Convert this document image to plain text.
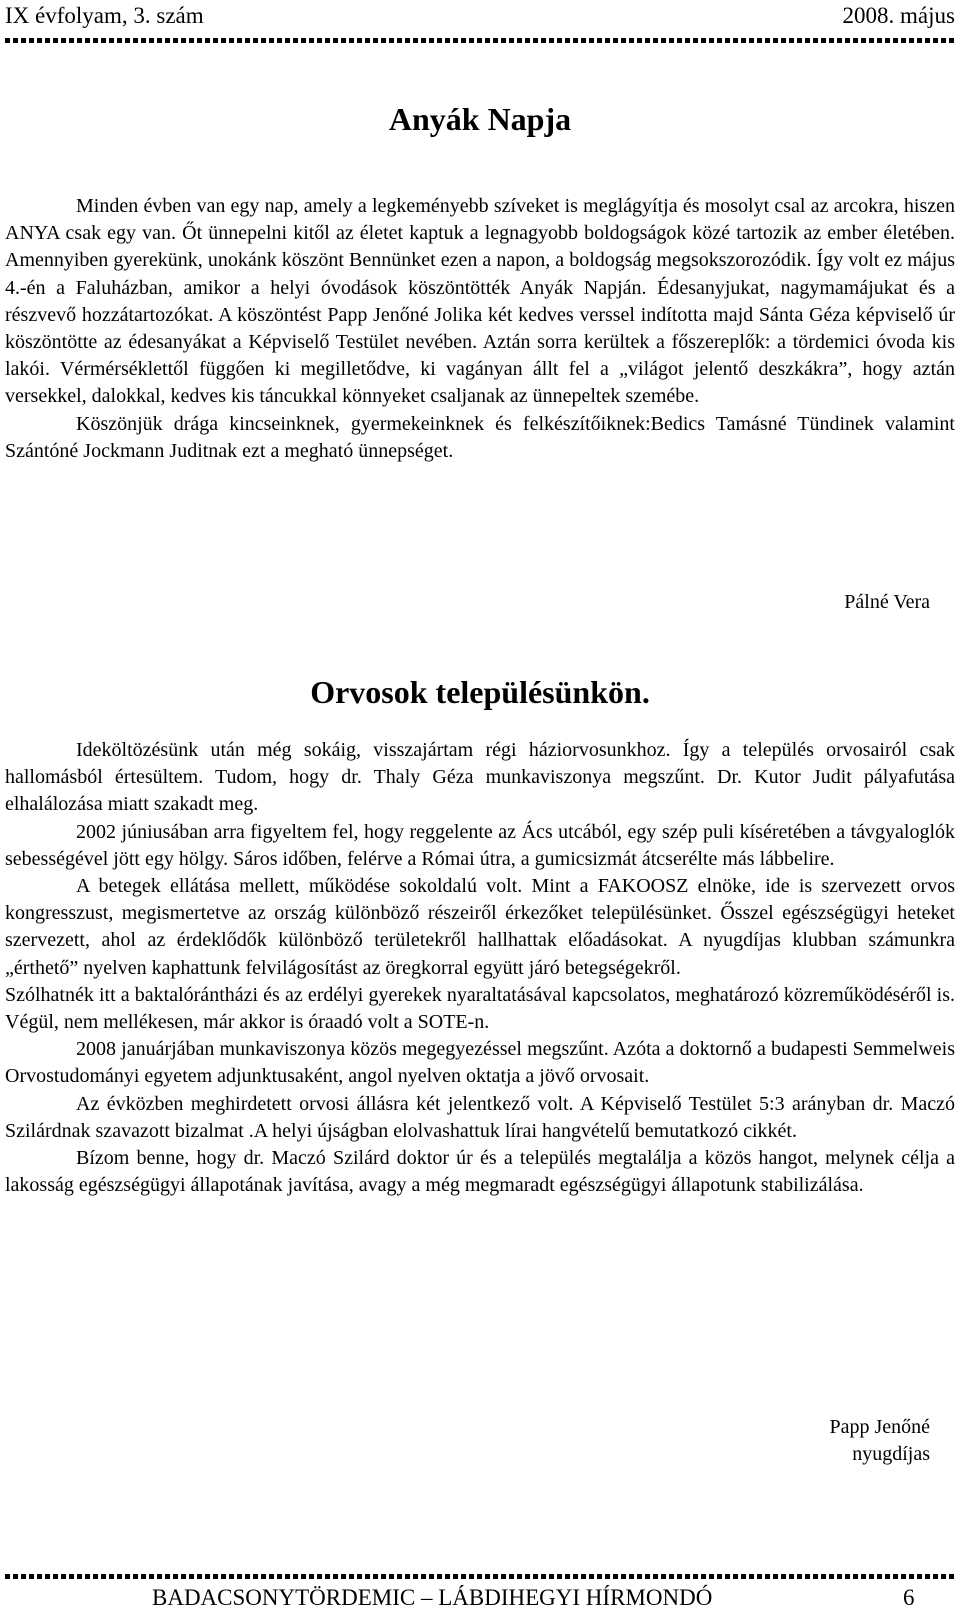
IX évfolyam, 3. szám	2008. május
Anyák Napja

Minden évben van egy nap, amely a legkeményebb szíveket is meglágyítja és mosolyt csal az arcokra, hiszen ANYA csak egy van. Őt ünnepelni kitől az életet kaptuk a legnagyobb boldogságok közé tartozik az ember életében. Amennyiben gyerekünk, unokánk köszönt Bennünket ezen a napon, a boldogság megsokszorozódik. Így volt ez május 4.-én a Faluházban, amikor a helyi óvodások köszöntötték Anyák Napján. Édesanyjukat, nagymamájukat és a részvevő hozzátartozókat. A köszöntést Papp Jenőné Jolika két kedves verssel indította majd Sánta Géza képviselő úr köszöntötte az édesanyákat a Képviselő Testület nevében. Aztán sorra kerültek a főszereplők: a tördemici óvoda kis lakói. Vérmérséklettől függően ki megilletődve, ki vagányan állt fel a „világot jelentő deszkákra”, hogy aztán versekkel, dalokkal, kedves kis táncukkal könnyeket csaljanak az ünnepeltek szemébe.

Köszönjük drága kincseinknek, gyermekeinknek és felkészítőiknek:Bedics Tamásné Tündinek valamint Szántóné Jockmann Juditnak ezt a megható ünnepséget.

Pálné Vera
Orvosok településünkön.

Ideköltözésünk után még sokáig, visszajártam régi háziorvosunkhoz. Így a település orvosairól csak hallomásból értesültem. Tudom, hogy dr. Thaly Géza munkaviszonya megszűnt. Dr. Kutor Judit pályafutása elhalálozása miatt szakadt meg.

2002 júniusában arra figyeltem fel, hogy reggelente az Ács utcából, egy szép puli kíséretében a távgyaloglók sebességével jött egy hölgy. Sáros időben, felérve a Római útra, a gumicsizmát átcserélte más lábbelire.

A betegek ellátása mellett, működése sokoldalú volt. Mint a FAKOOSZ elnöke, ide is szervezett orvos kongresszust, megismertetve az ország különböző részeiről érkezőket településünket. Ősszel egészségügyi heteket szervezett, ahol az érdeklődők különböző területekről hallhattak előadásokat. A nyugdíjas klubban számunkra „érthető” nyelven kaphattunk felvilágosítást az öregkorral együtt járó betegségekről.

Szólhatnék itt a baktalórántházi és az erdélyi gyerekek nyaraltatásával kapcsolatos, meghatározó közreműködéséről is. Végül, nem mellékesen, már akkor is óraadó volt a SOTE-n.

2008 januárjában munkaviszonya közös megegyezéssel megszűnt. Azóta a doktornő a budapesti Semmelweis Orvostudományi egyetem adjunktusaként, angol nyelven oktatja a jövő orvosait.

Az évközben meghirdetett orvosi állásra két jelentkező volt. A Képviselő Testület 5:3 arányban dr. Maczó Szilárdnak szavazott bizalmat .A helyi újságban elolvashattuk lírai hangvételű bemutatkozó cikkét.

Bízom benne, hogy dr. Maczó Szilárd doktor úr és a település megtalálja a közös hangot, melynek célja a lakosság egészségügyi állapotának javítása, avagy a még megmaradt egészségügyi állapotunk stabilizálása.

Papp Jenőné
nyugdíjas
BADACSONYTÖRDEMIC – LÁBDIHEGYI HÍRMONDÓ	6
